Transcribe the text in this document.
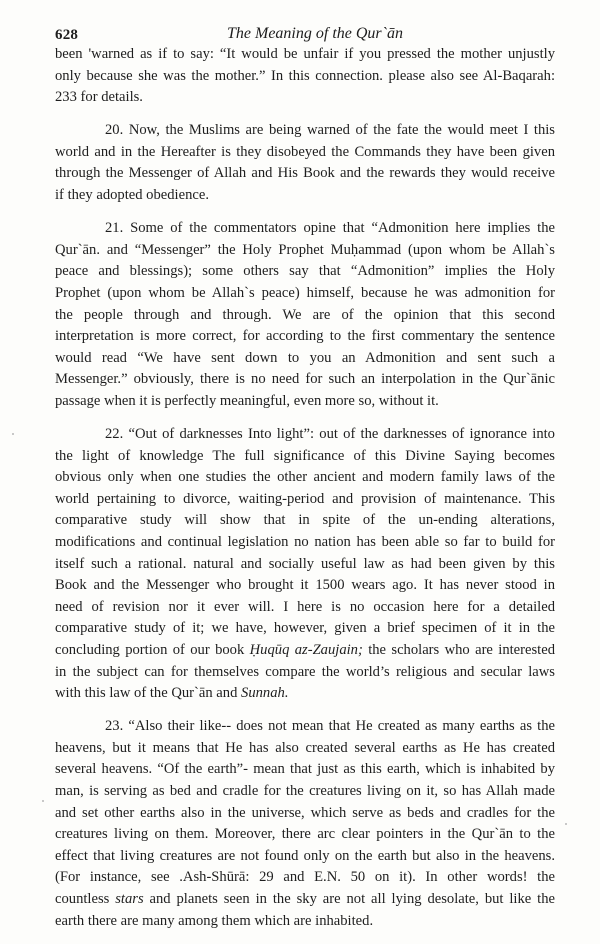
628	The Meaning of the Qur`ān
been 'warned as if to say: “It would be unfair if you pressed the mother unjustly
only because she was the mother.” In this connection. please also see Al-Baqarah:
233 for details.
20. Now, the Muslims are being warned of the fate the would meet I this
world and in the Hereafter is they disobeyed the Commands they have been given
through the Messenger of Allah and His Book and the rewards they would receive
if they adopted obedience.
21. Some of the commentators opine that “Admonition here implies the
Qur`ān. and “Messenger” the Holy Prophet Muḥammad (upon whom be Allah`s
peace and blessings); some others say that “Admonition” implies the Holy
Prophet (upon whom be Allah`s peace) himself, because he was admonition for
the people through and through. We are of the opinion that this second
interpretation is more correct, for according to the first commentary the sentence
would read “We have sent down to you an Admonition and sent such a
Messenger.” obviously, there is no need for such an interpolation in the Qur`ānic
passage when it is perfectly meaningful, even more so, without it.
22. “Out of darknesses Into light”: out of the darknesses of ignorance into
the light of knowledge The full significance of this Divine Saying becomes
obvious only when one studies the other ancient and modern family laws of the
world pertaining to divorce, waiting-period and provision of maintenance. This
comparative study will show that in spite of the un-ending alterations,
modifications and continual legislation no nation has been able so far to build for
itself such a rational. natural and socially useful law as had been given by this
Book and the Messenger who brought it 1500 wears ago. It has never stood in
need of revision nor it ever will. I here is no occasion here for a detailed
comparative study of it; we have, however, given a brief specimen of it in the
concluding portion of our book Ḥuqūq az-Zaujain; the scholars who are interested
in the subject can for themselves compare the world’s religious and secular laws
with this law of the Qur`ān and Sunnah.
23. “Also their like-- does not mean that He created as many earths as the
heavens, but it means that He has also created several earths as He has created
several heavens. “Of the earth”- mean that just as this earth, which is inhabited by
man, is serving as bed and cradle for the creatures living on it, so has Allah made
and set other earths also in the universe, which serve as beds and cradles for the
creatures living on them. Moreover, there arc clear pointers in the Qur`ān to the
effect that living creatures are not found only on the earth but also in the heavens.
(For instance, see .Ash-Shūrā: 29 and E.N. 50 on it). In other words! the
countless stars and planets seen in the sky are not all lying desolate, but like the
earth there are many among them which are inhabited.
